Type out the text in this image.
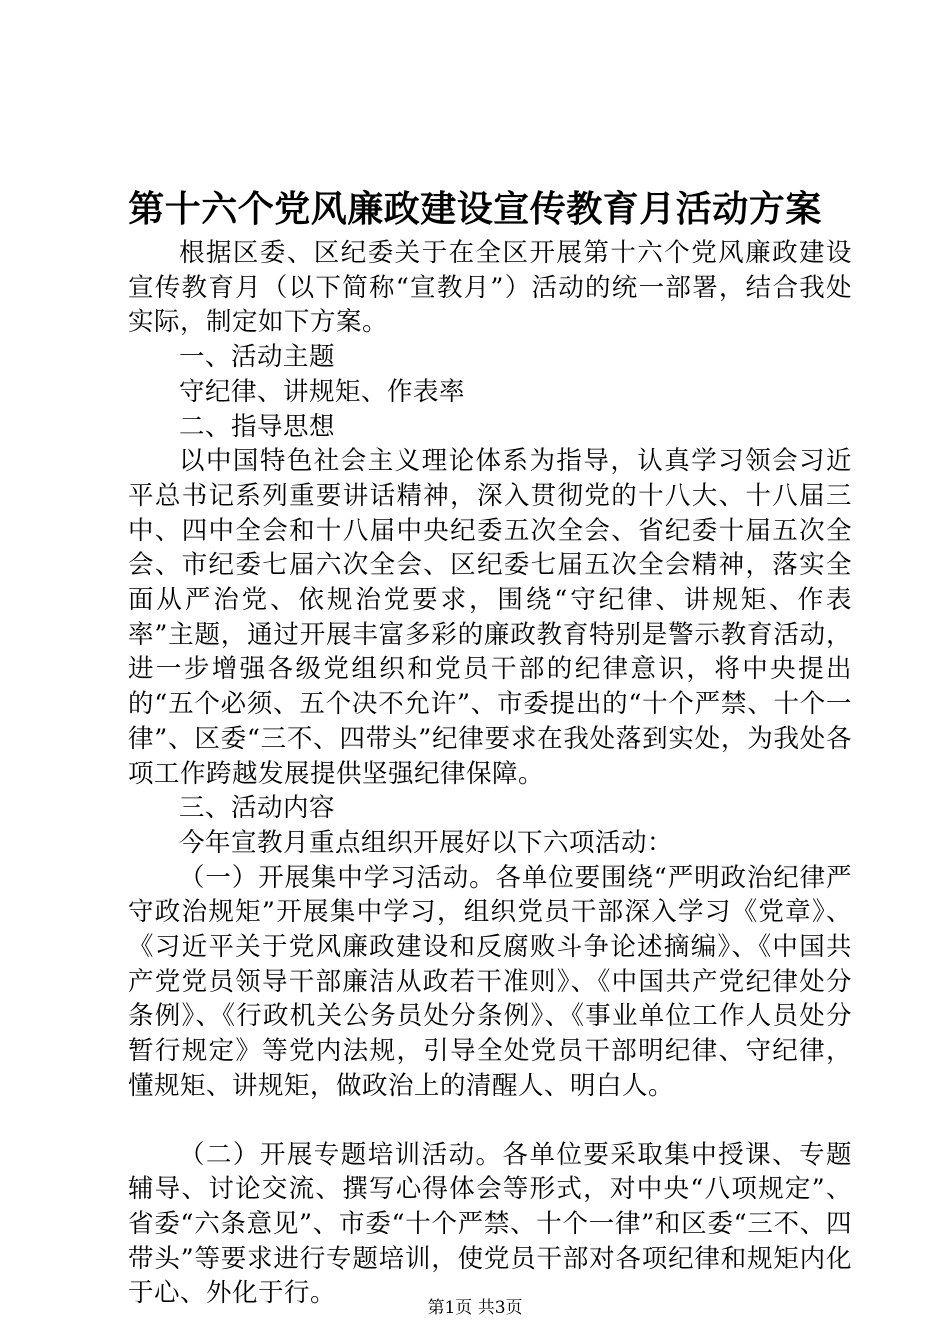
第十六个党风廉政建设宣传教育月活动方案

根据区委、区纪委关于在全区开展第十六个党风廉政建设宣传教育月（以下简称“宣教月”）活动的统一部署，结合我处实际，制定如下方案。

一、活动主题

守纪律、讲规矩、作表率

二、指导思想

以中国特色社会主义理论体系为指导，认真学习领会习近平总书记系列重要讲话精神，深入贯彻党的十八大、十八届三中、四中全会和十八届中央纪委五次全会、省纪委十届五次全会、市纪委七届六次全会、区纪委七届五次全会精神，落实全面从严治党、依规治党要求，围绕“守纪律、讲规矩、作表率”主题，通过开展丰富多彩的廉政教育特别是警示教育活动，进一步增强各级党组织和党员干部的纪律意识，将中央提出的“五个必须、五个决不允许”、市委提出的“十个严禁、十个一律”、区委“三不、四带头”纪律要求在我处落到实处，为我处各项工作跨越发展提供坚强纪律保障。

三、活动内容

今年宣教月重点组织开展好以下六项活动：

（一）开展集中学习活动。各单位要围绕“严明政治纪律严守政治规矩”开展集中学习，组织党员干部深入学习《党章》、《习近平关于党风廉政建设和反腐败斗争论述摘编》、《中国共产党党员领导干部廉洁从政若干准则》、《中国共产党纪律处分条例》、《行政机关公务员处分条例》、《事业单位工作人员处分暂行规定》等党内法规，引导全处党员干部明纪律、守纪律，懂规矩、讲规矩，做政治上的清醒人、明白人。

（二）开展专题培训活动。各单位要采取集中授课、专题辅导、讨论交流、撰写心得体会等形式，对中央“八项规定”、省委“六条意见”、市委“十个严禁、十个一律”和区委“三不、四带头”等要求进行专题培训，使党员干部对各项纪律和规矩内化于心、外化于行。	第1页 共3页
